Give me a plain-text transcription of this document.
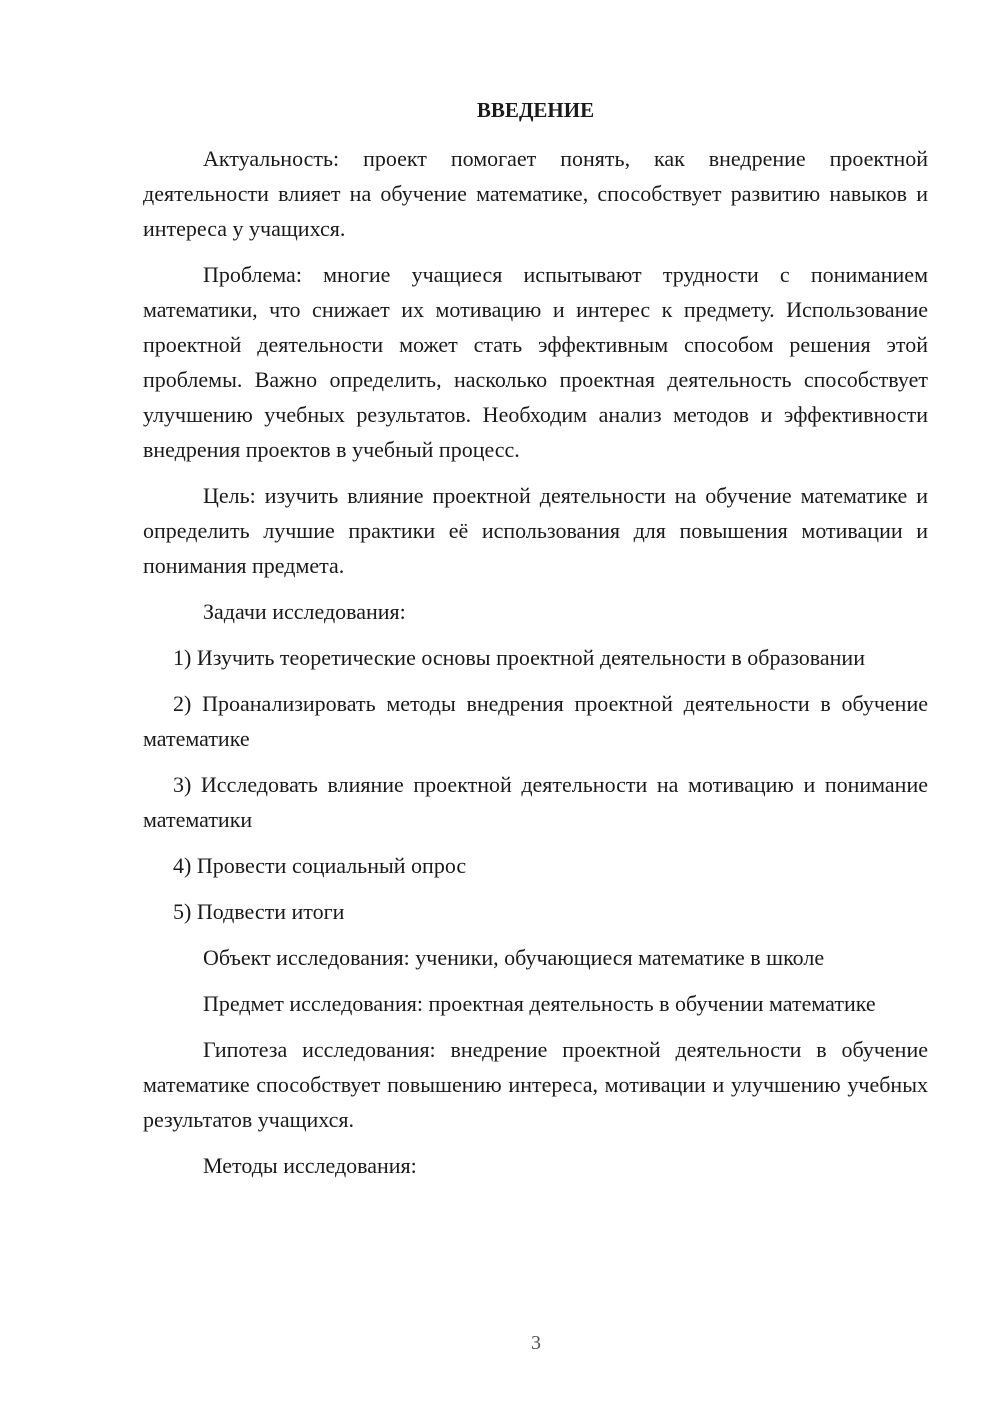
ВВЕДЕНИЕ

Актуальность: проект помогает понять, как внедрение проектной деятельности влияет на обучение математике, способствует развитию навыков и интереса у учащихся.

Проблема: многие учащиеся испытывают трудности с пониманием математики, что снижает их мотивацию и интерес к предмету. Использование проектной деятельности может стать эффективным способом решения этой проблемы. Важно определить, насколько проектная деятельность способствует улучшению учебных результатов. Необходим анализ методов и эффективности внедрения проектов в учебный процесс.

Цель: изучить влияние проектной деятельности на обучение математике и определить лучшие практики её использования для повышения мотивации и понимания предмета.

Задачи исследования:

1) Изучить теоретические основы проектной деятельности в образовании

2) Проанализировать методы внедрения проектной деятельности в обучение математике

3) Исследовать влияние проектной деятельности на мотивацию и понимание математики

4) Провести социальный опрос

5) Подвести итоги

Объект исследования: ученики, обучающиеся математике в школе

Предмет исследования: проектная деятельность в обучении математике

Гипотеза исследования: внедрение проектной деятельности в обучение математике способствует повышению интереса, мотивации и улучшению учебных результатов учащихся.

Методы исследования:

3
